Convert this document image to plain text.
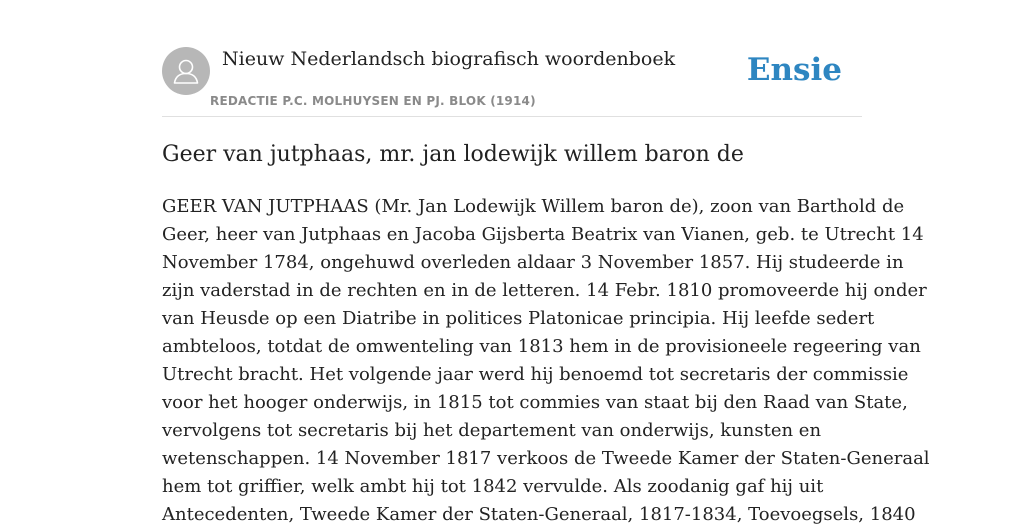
Nieuw Nederlandsch biografisch woordenboek
REDACTIE P.C. MOLHUYSEN EN PJ. BLOK (1914)
Ensie
Geer van jutphaas, mr. jan lodewijk willem baron de
GEER VAN JUTPHAAS (Mr. Jan Lodewijk Willem baron de), zoon van Barthold de
Geer, heer van Jutphaas en Jacoba Gijsberta Beatrix van Vianen, geb. te Utrecht 14
November 1784, ongehuwd overleden aldaar 3 November 1857. Hij studeerde in
zijn vaderstad in de rechten en in de letteren. 14 Febr. 1810 promoveerde hij onder
van Heusde op een Diatribe in politices Platonicae principia. Hij leefde sedert
ambteloos, totdat de omwenteling van 1813 hem in de provisioneele regeering van
Utrecht bracht. Het volgende jaar werd hij benoemd tot secretaris der commissie
voor het hooger onderwijs, in 1815 tot commies van staat bij den Raad van State,
vervolgens tot secretaris bij het departement van onderwijs, kunsten en
wetenschappen. 14 November 1817 verkoos de Tweede Kamer der Staten-Generaal
hem tot griffier, welk ambt hij tot 1842 vervulde. Als zoodanig gaf hij uit
Antecedenten, Tweede Kamer der Staten-Generaal, 1817-1834, Toevoegsels, 1840
